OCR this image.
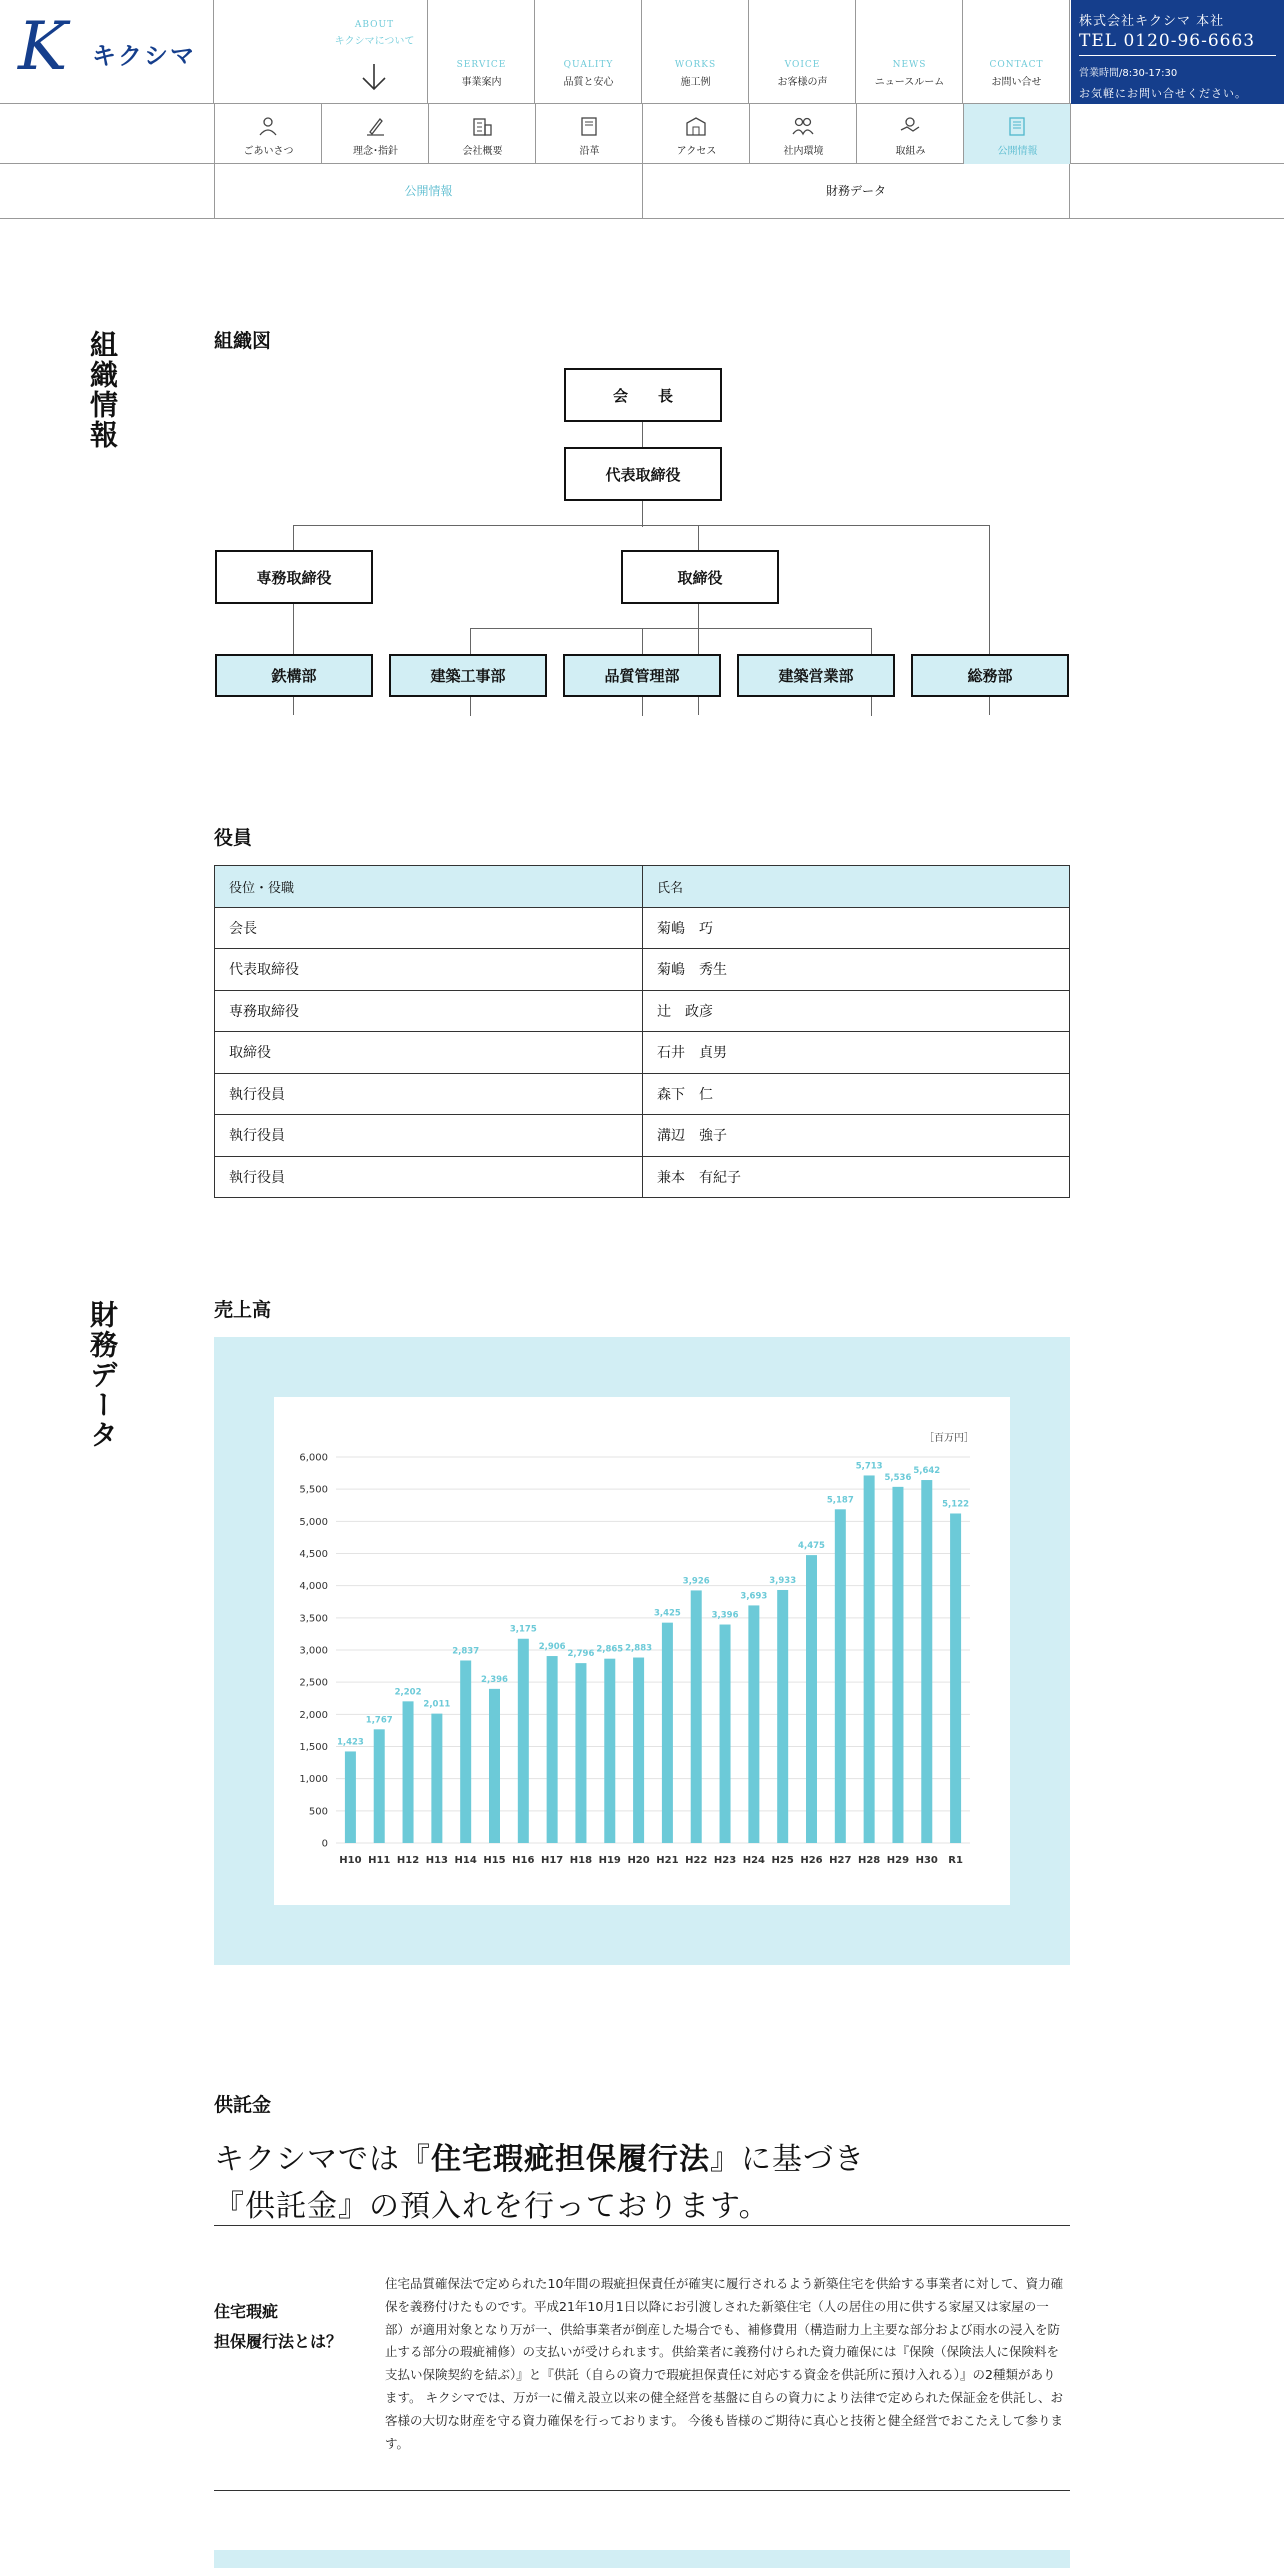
K キクシマ
ABOUT
キクシマについて
SERVICE
事業案内
QUALITY
品質と安心
WORKS
施工例
VOICE
お客様の声
NEWS
ニュースルーム
CONTACT
お問い合せ
株式会社キクシマ 本社
TEL 0120-96-6663
営業時間/8:30-17:30
お気軽にお問い合せください。
ごあいさつ	理念･指針	会社概要	沿革	アクセス	社内環境	取組み	公開情報
公開情報	財務データ
組織情報
財務データ
組織図
会　　長
代表取締役
専務取締役	取締役
鉄構部	建築工事部	品質管理部	建築営業部	総務部
役員
役位・役職	氏名
会長	菊嶋　巧
代表取締役	菊嶋　秀生
専務取締役	辻　政彦
取締役	石井　貞男
執行役員	森下　仁
執行役員	溝辺　強子
執行役員	兼本　有紀子
売上高
［百万円］
0
500
1,000
1,500
2,000
2,500
3,000
3,500
4,000
4,500
5,000
5,500
6,000
1,423
H10
1,767
H11
2,202
H12
2,011
H13
2,837
H14
2,396
H15
3,175
H16
2,906
H17
2,796
H18
2,865
H19
2,883
H20
3,425
H21
3,926
H22
3,396
H23
3,693
H24
3,933
H25
4,475
H26
5,187
H27
5,713
H28
5,536
H29
5,642
H30
5,122
R1
供託金
キクシマでは『住宅瑕疵担保履行法』に基づき
『供託金』の預入れを行っております。
住宅瑕疵
担保履行法とは？
住宅品質確保法で定められた10年間の瑕疵担保責任が確実に履行されるよう新築住宅を供給する事業者に対して、資力確保を義務付けたものです。平成21年10月1日以降にお引渡しされた新築住宅（人の居住の用に供する家屋又は家屋の一部）が適用対象となり万が一、供給事業者が倒産した場合でも、補修費用（構造耐力上主要な部分および雨水の浸入を防止する部分の瑕疵補修）の支払いが受けられます。供給業者に義務付けられた資力確保には『保険（保険法人に保険料を支払い保険契約を結ぶ）』と『供託（自らの資力で瑕疵担保責任に対応する資金を供託所に預け入れる）』の2種類があります。 キクシマでは、万が一に備え設立以来の健全経営を基盤に自らの資力により法律で定められた保証金を供託し、お客様の大切な財産を守る資力確保を行っております。 今後も皆様のご期待に真心と技術と健全経営でおこたえして参ります。
